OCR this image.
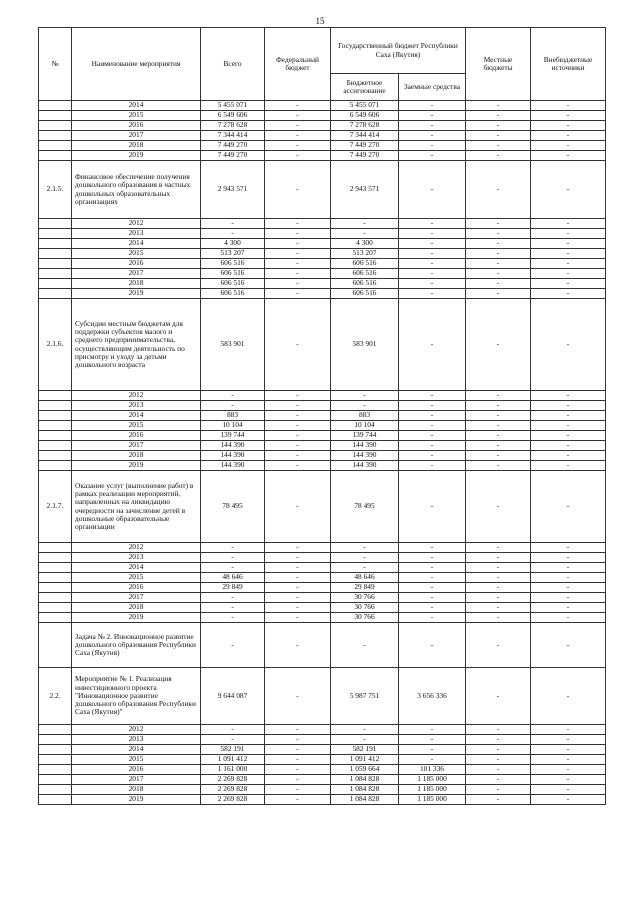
15
№	Наименование мероприятия	Всего	Федеральный бюджет	Государственный бюджет Республики Саха (Якутия)		Местные бюджеты	Внебюджетные источники
				Бюджетное ассигнование	Заемные средства		
	2014	5 455 071	-	5 455 071	-	-	-
	2015	6 549 606	-	6 549 606	-	-	-
	2016	7 278 628	-	7 278 628	-	-	-
	2017	7 344 414	-	7 344 414	-	-	-
	2018	7 449 270	-	7 449 270	-	-	-
	2019	7 449 270	-	7 449 270	-	-	-
2.1.5.	Финансовое обеспечение получения дошкольного образования в частных дошкольных образовательных организациях	2 943 571	-	2 943 571	-	-	-
	2012	-	-	-	-	-	-
	2013	-	-	-	-	-	-
	2014	4 300	-	4 300	-	-	-
	2015	513 207	-	513 207	-	-	-
	2016	606 516	-	606 516	-	-	-
	2017	606 516	-	606 516	-	-	-
	2018	606 516	-	606 516	-	-	-
	2019	606 516	-	606 516	-	-	-
2.1.6.	Субсидии местным бюджетам для поддержки субъектов малого и среднего предпринимательства, осуществляющим деятельность по присмотру и уходу за детьми дошкольного возраста	583 901	-	583 901	-	-	-
	2012	-	-	-	-	-	-
	2013	-	-	-	-	-	-
	2014	883	-	883	-	-	-
	2015	10 104	-	10 104	-	-	-
	2016	139 744	-	139 744	-	-	-
	2017	144 390	-	144 390	-	-	-
	2018	144 390	-	144 390	-	-	-
	2019	144 390	-	144 390	-	-	-
2.1.7.	Оказание услуг (выполнение работ) в рамках реализации мероприятий, направленных на ликвидацию очередности на зачисление детей в дошкольные образовательные организации	78 495	-	78 495	-	-	-
	2012	-	-	-	-	-	-
	2013	-	-	-	-	-	-
	2014	-	-	-	-	-	-
	2015	48 646	-	48 646	-	-	-
	2016	29 849	-	29 849	-	-	-
	2017	-	-	30 766	-	-	-
	2018	-	-	30 766	-	-	-
	2019	-	-	30 766	-	-	-
	Задача № 2. Инновационное развитие дошкольного образования Республики Саха (Якутия)	-	-	-	-	-	-
2.2.	Мероприятие № 1. Реализация инвестиционного проекта "Инновационное развитие дошкольного образования Республики Саха (Якутия)"	9 644 087	-	5 987 751	3 656 336	-	-
	2012	-	-	-	-	-	-
	2013	-	-	-	-	-	-
	2014	582 191	-	582 191	-	-	-
	2015	1 091 412	-	1 091 412	-	-	-
	2016	1 161 000	-	1 059 664	101 336	-	-
	2017	2 269 828	-	1 084 828	1 185 000	-	-
	2018	2 269 828	-	1 084 828	1 185 000	-	-
	2019	2 269 828	-	1 084 828	1 185 000	-	-
